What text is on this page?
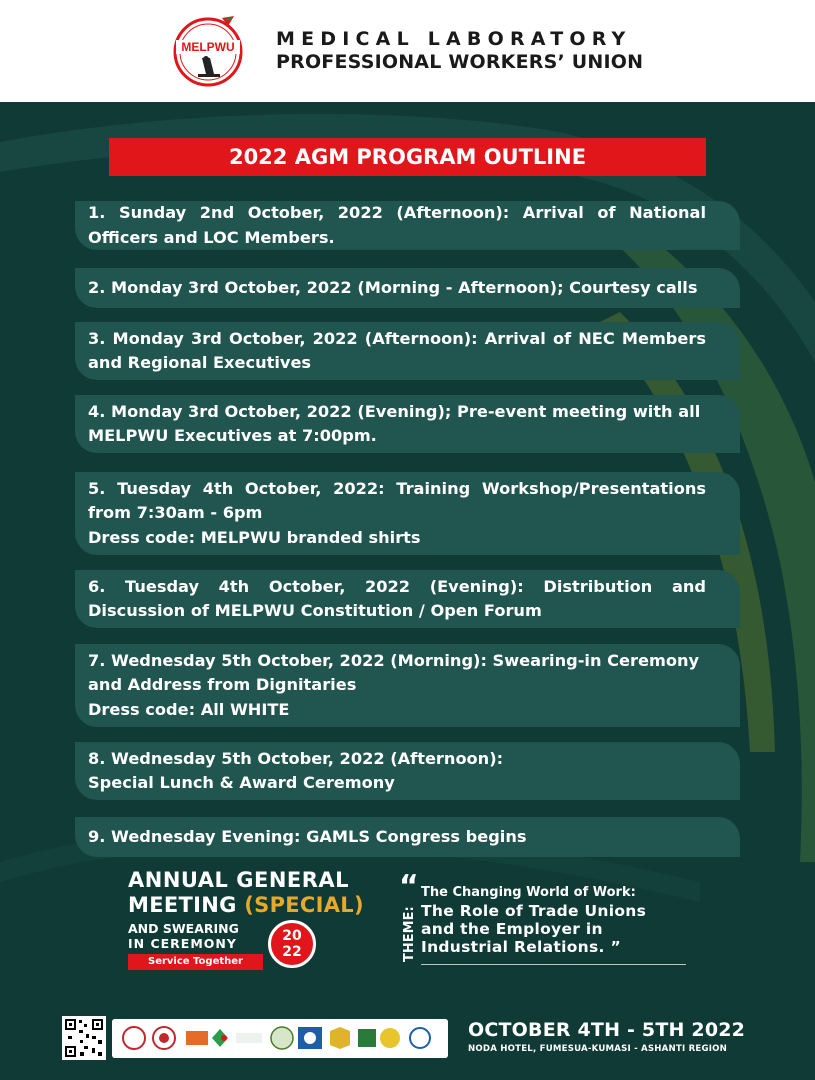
MELPWU MEDICAL LABORATORY
PROFESSIONAL WORKERS’ UNION
2022 AGM PROGRAM OUTLINE
1. Sunday 2nd October, 2022 (Afternoon): Arrival of National
Officers and LOC Members.
2. Monday 3rd October, 2022 (Morning - Afternoon); Courtesy calls
3. Monday 3rd October, 2022 (Afternoon): Arrival of NEC Members
and Regional Executives
4. Monday 3rd October, 2022 (Evening); Pre-event meeting with all
MELPWU Executives at 7:00pm.
5. Tuesday 4th October, 2022: Training Workshop/Presentations
from 7:30am - 6pm
Dress code: MELPWU branded shirts
6. Tuesday 4th October, 2022 (Evening): Distribution and
Discussion of MELPWU Constitution / Open Forum
7. Wednesday 5th October, 2022 (Morning): Swearing-in Ceremony
and Address from Dignitaries
Dress code: All WHITE
8. Wednesday 5th October, 2022 (Afternoon):
Special Lunch & Award Ceremony
9. Wednesday Evening: GAMLS Congress begins
ANNUAL GENERAL
MEETING (SPECIAL)
AND SWEARING
IN CEREMONY
Service Together
20
22
“
THEME:
The Changing World of Work:
The Role of Trade Unions
and the Employer in
Industrial Relations. ”
OCTOBER 4TH - 5TH 2022
NODA HOTEL, FUMESUA-KUMASI - ASHANTI REGION
